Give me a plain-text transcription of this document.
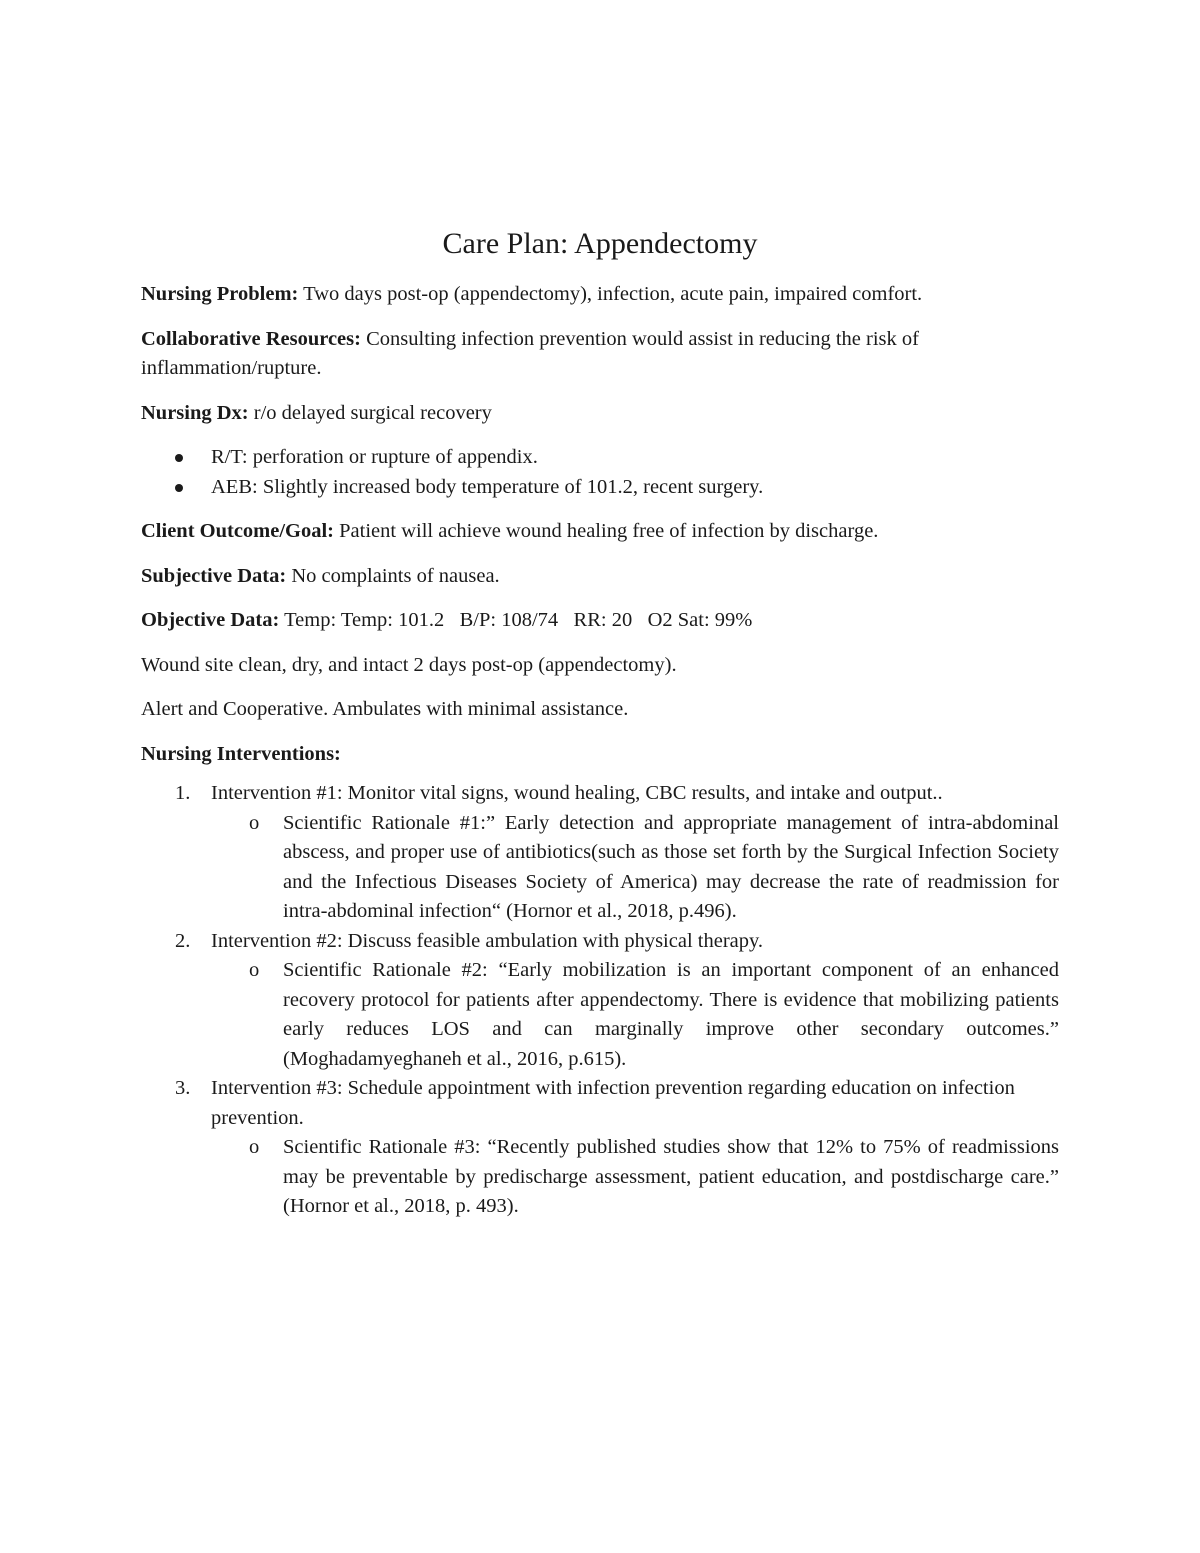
Care Plan: Appendectomy

Nursing Problem: Two days post-op (appendectomy), infection, acute pain, impaired comfort.

Collaborative Resources: Consulting infection prevention would assist in reducing the risk of inflammation/rupture.

Nursing Dx: r/o delayed surgical recovery

R/T: perforation or rupture of appendix.
AEB: Slightly increased body temperature of 101.2, recent surgery.

Client Outcome/Goal: Patient will achieve wound healing free of infection by discharge.

Subjective Data: No complaints of nausea.

Objective Data: Temp: Temp: 101.2   B/P: 108/74   RR: 20   O2 Sat: 99%

Wound site clean, dry, and intact 2 days post-op (appendectomy).

Alert and Cooperative. Ambulates with minimal assistance.

Nursing Interventions:

1. Intervention #1: Monitor vital signs, wound healing, CBC results, and intake and output..
o Scientific Rationale #1:” Early detection and appropriate management of intra-abdominal abscess, and proper use of antibiotics(such as those set forth by the Surgical Infection Society and the Infectious Diseases Society of America) may decrease the rate of readmission for intra-abdominal infection“ (Hornor et al., 2018, p.496).
2. Intervention #2: Discuss feasible ambulation with physical therapy.
o Scientific Rationale #2: “Early mobilization is an important component of an enhanced recovery protocol for patients after appendectomy. There is evidence that mobilizing patients early reduces LOS and can marginally improve other secondary outcomes.” (Moghadamyeghaneh et al., 2016, p.615).
3. Intervention #3: Schedule appointment with infection prevention regarding education on infection prevention.
o Scientific Rationale #3: “Recently published studies show that 12% to 75% of readmissions may be preventable by predischarge assessment, patient education, and postdischarge care.” (Hornor et al., 2018, p. 493).
